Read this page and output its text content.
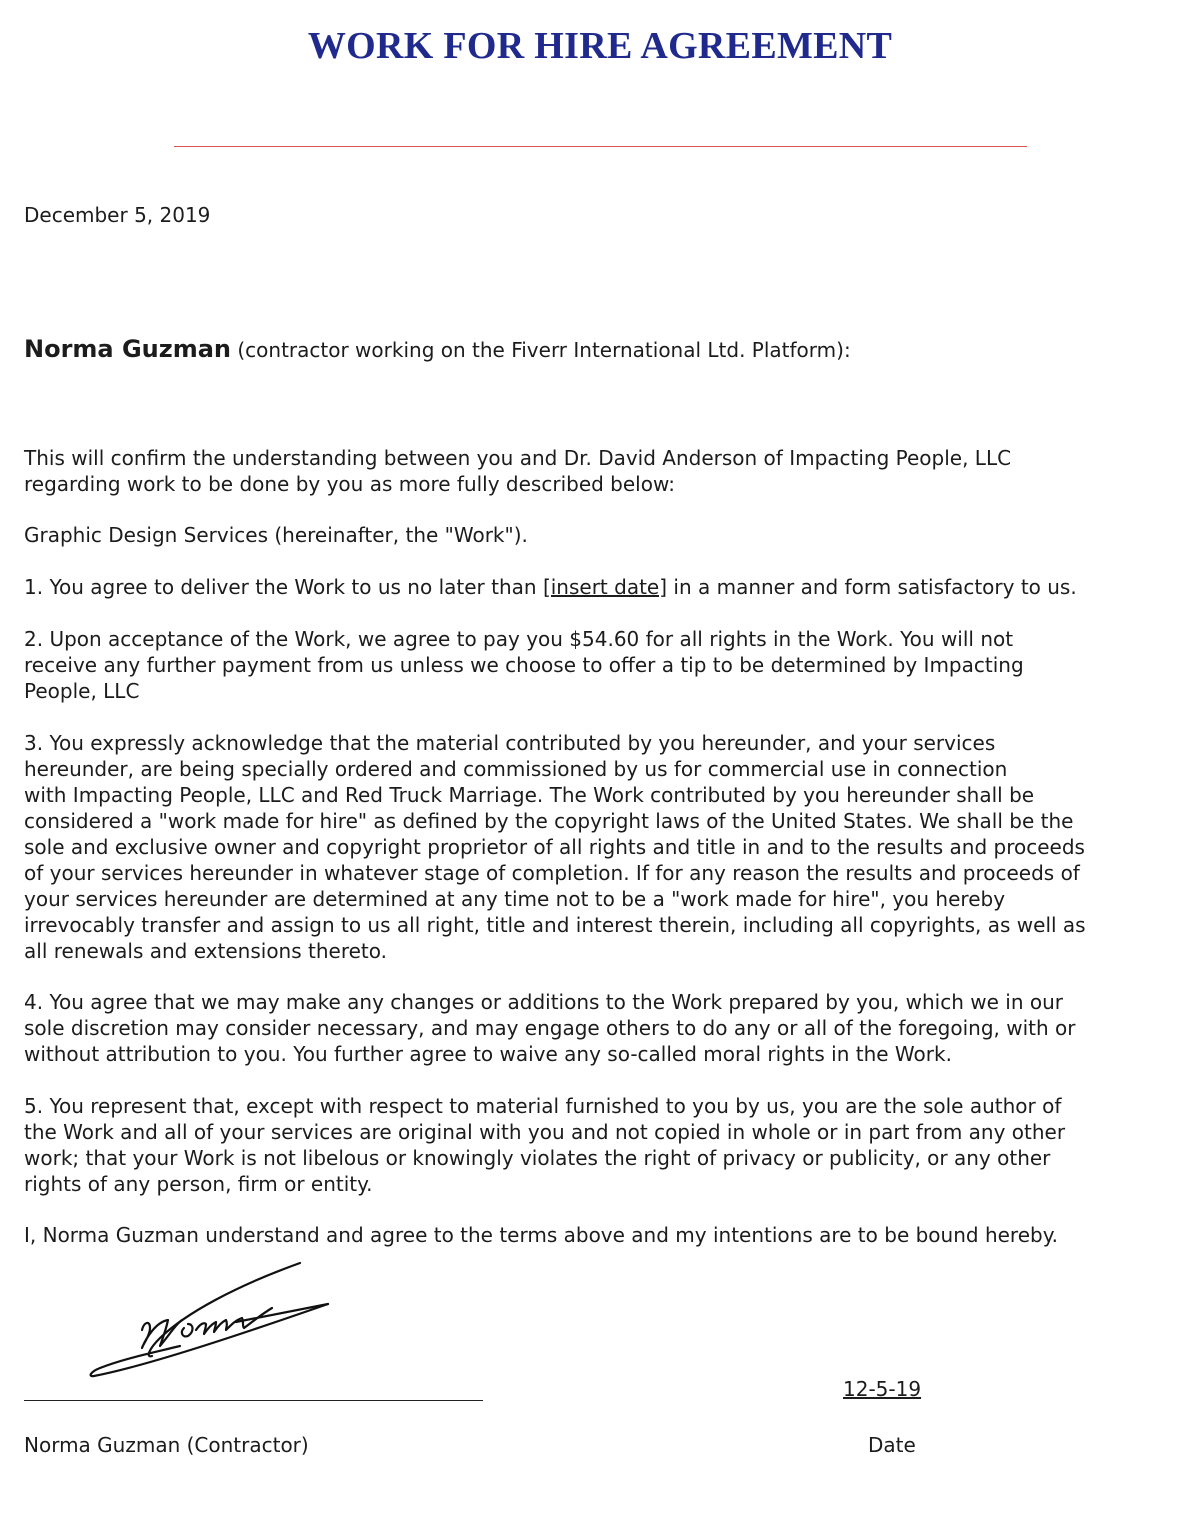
WORK FOR HIRE AGREEMENT
December 5, 2019
Norma Guzman (contractor working on the Fiverr International Ltd. Platform):
This will confirm the understanding between you and Dr. David Anderson of Impacting People, LLC
regarding work to be done by you as more fully described below:
Graphic Design Services (hereinafter, the "Work").
1. You agree to deliver the Work to us no later than [insert date] in a manner and form satisfactory to us.
2. Upon acceptance of the Work, we agree to pay you $54.60 for all rights in the Work. You will not
receive any further payment from us unless we choose to offer a tip to be determined by Impacting
People, LLC
3. You expressly acknowledge that the material contributed by you hereunder, and your services
hereunder, are being specially ordered and commissioned by us for commercial use in connection
with Impacting People, LLC and Red Truck Marriage. The Work contributed by you hereunder shall be
considered a "work made for hire" as defined by the copyright laws of the United States. We shall be the
sole and exclusive owner and copyright proprietor of all rights and title in and to the results and proceeds
of your services hereunder in whatever stage of completion. If for any reason the results and proceeds of
your services hereunder are determined at any time not to be a "work made for hire", you hereby
irrevocably transfer and assign to us all right, title and interest therein, including all copyrights, as well as
all renewals and extensions thereto.
4. You agree that we may make any changes or additions to the Work prepared by you, which we in our
sole discretion may consider necessary, and may engage others to do any or all of the foregoing, with or
without attribution to you. You further agree to waive any so-called moral rights in the Work.
5. You represent that, except with respect to material furnished to you by us, you are the sole author of
the Work and all of your services are original with you and not copied in whole or in part from any other
work; that your Work is not libelous or knowingly violates the right of privacy or publicity, or any other
rights of any person, firm or entity.
I, Norma Guzman understand and agree to the terms above and my intentions are to be bound hereby.
Norma Guzman (Contractor)
12-5-19
Date
